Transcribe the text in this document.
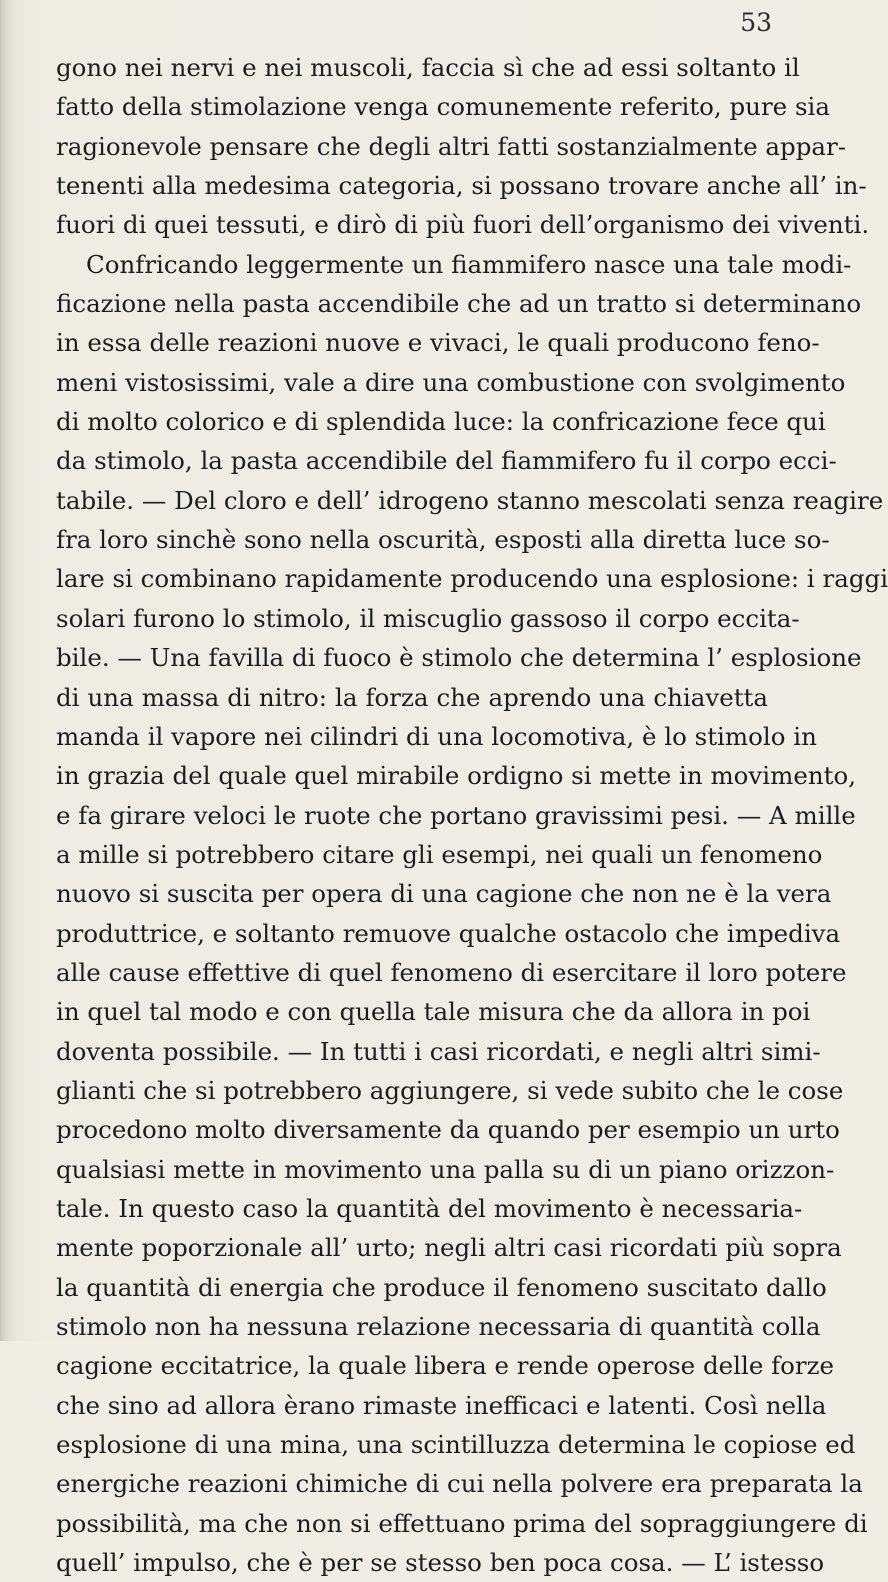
53
gono nei nervi e nei muscoli, faccia sì che ad essi soltanto il
fatto della stimolazione venga comunemente referito, pure sia
ragionevole pensare che degli altri fatti sostanzialmente appar-
tenenti alla medesima categoria, si possano trovare anche all’ in-
fuori di quei tessuti, e dirò di più fuori dell’organismo dei viventi.
Confricando leggermente un fiammifero nasce una tale modi-
ficazione nella pasta accendibile che ad un tratto si determinano
in essa delle reazioni nuove e vivaci, le quali producono feno-
meni vistosissimi, vale a dire una combustione con svolgimento
di molto colorico e di splendida luce: la confricazione fece qui
da stimolo, la pasta accendibile del fiammifero fu il corpo ecci-
tabile. — Del cloro e dell’ idrogeno stanno mescolati senza reagire
fra loro sinchè sono nella oscurità, esposti alla diretta luce so-
lare si combinano rapidamente producendo una esplosione: i raggi
solari furono lo stimolo, il miscuglio gassoso il corpo eccita-
bile. — Una favilla di fuoco è stimolo che determina l’ esplosione
di una massa di nitro: la forza che aprendo una chiavetta
manda il vapore nei cilindri di una locomotiva, è lo stimolo in
in grazia del quale quel mirabile ordigno si mette in movimento,
e fa girare veloci le ruote che portano gravissimi pesi. — A mille
a mille si potrebbero citare gli esempi, nei quali un fenomeno
nuovo si suscita per opera di una cagione che non ne è la vera
produttrice, e soltanto remuove qualche ostacolo che impediva
alle cause effettive di quel fenomeno di esercitare il loro potere
in quel tal modo e con quella tale misura che da allora in poi
doventa possibile. — In tutti i casi ricordati, e negli altri simi-
glianti che si potrebbero aggiungere, si vede subito che le cose
procedono molto diversamente da quando per esempio un urto
qualsiasi mette in movimento una palla su di un piano orizzon-
tale. In questo caso la quantità del movimento è necessaria-
mente poporzionale all’ urto; negli altri casi ricordati più sopra
la quantità di energia che produce il fenomeno suscitato dallo
stimolo non ha nessuna relazione necessaria di quantità colla
cagione eccitatrice, la quale libera e rende operose delle forze
che sino ad allora èrano rimaste inefficaci e latenti. Così nella
esplosione di una mina, una scintilluzza determina le copiose ed
energiche reazioni chimiche di cui nella polvere era preparata la
possibilità, ma che non si effettuano prima del sopraggiungere di
quell’ impulso, che è per se stesso ben poca cosa. — L’ istesso
